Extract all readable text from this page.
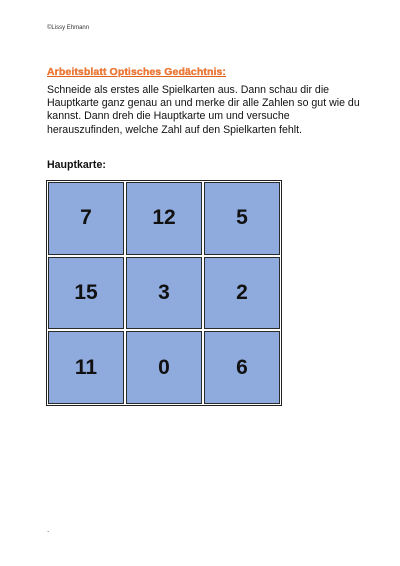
©Lissy Ehmann
Arbeitsblatt Optisches Gedächtnis:

Schneide als erstes alle Spielkarten aus. Dann schau dir die Hauptkarte ganz genau an und merke dir alle Zahlen so gut wie du kannst. Dann dreh die Hauptkarte um und versuche herauszufinden, welche Zahl auf den Spielkarten fehlt.

Hauptkarte:
7	12	5
15	3	2
11	0	6
.
